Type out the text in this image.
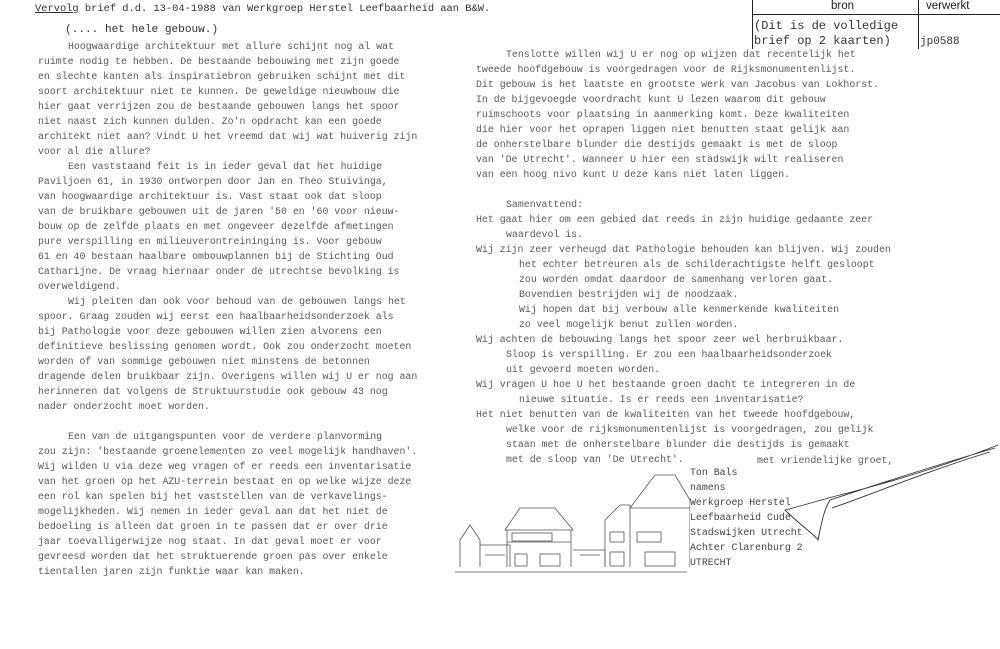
Vervolg brief d.d. 13-04-1988 van Werkgroep Herstel Leefbaarheid aan B&W.
(.... het hele gebouw.)
bron	verwerkt
(Dit is de volledige
brief op 2 kaarten)	jp0588
Hoogwaardige architektuur met allure schijnt nog al wat
ruimte nodig te hebben. De bestaande bebouwing met zijn goede
en slechte kanten als inspiratiebron gebruiken schijnt met dit
soort architektuur niet te kunnen. De geweldige nieuwbouw die
hier gaat verrijzen zou de bestaande gebouwen langs het spoor
niet naast zich kunnen dulden. Zo'n opdracht kan een goede
architekt niet aan? Vindt U het vreemd dat wij wat huiverig zijn
voor al die allure?
Een vaststaand feit is in ieder geval dat het huidige
Paviljoen 61, in 1930 ontworpen door Jan en Theo Stuivinga,
van hoogwaardige architektuur is. Vast staat ook dat sloop
van de bruikbare gebouwen uit de jaren '50 en '60 voor nieuw-
bouw op de zelfde plaats en met ongeveer dezelfde afmetingen
pure verspilling en milieuverontreininging is. Voor gebouw
61 en 40 bestaan haalbare ombouwplannen bij de Stichting Oud
Catharijne. De vraag hiernaar onder de utrechtse bevolking is
overweldigend.
Wij pleiten dan ook voor behoud van de gebouwen langs het
spoor. Graag zouden wij eerst een haalbaarheidsonderzoek als
bij Pathologie voor deze gebouwen willen zien alvorens een
definitieve beslissing genomen wordt. Ook zou onderzocht moeten
worden of van sommige gebouwen niet minstens de betonnen
dragende delen bruikbaar zijn. Overigens willen wij U er nog aan
herinneren dat volgens de Struktuurstudie ook gebouw 43 nog
nader onderzocht moet worden.
Een van de uitgangspunten voor de verdere planvorming
zou zijn: 'bestaande groenelementen zo veel mogelijk handhaven'.
Wij wilden U via deze weg vragen of er reeds een inventarisatie
van het groen op het AZU-terrein bestaat en op welke wijze deze
een rol kan spelen bij het vaststellen van de verkavelings-
mogelijkheden. Wij nemen in ieder geval aan dat het niet de
bedoeling is alleen dat groen in te passen dat er over drie
jaar toevalligerwijze nog staat. In dat geval moet er voor
gevreesd worden dat het struktuerende groen pas over enkele
tientallen jaren zijn funktie waar kan maken.
Tenslotte willen wij U er nog op wijzen dat recentelijk het
tweede hoofdgebouw is voorgedragen voor de Rijksmonumentenlijst.
Dit gebouw is het laatste en grootste werk van Jacobus van Lokhorst.
In de bijgevoegde voordracht kunt U lezen waarom dit gebouw
ruimschoots voor plaatsing in aanmerking komt. Deze kwaliteiten
die hier voor het oprapen liggen niet benutten staat gelijk aan
de onherstelbare blunder die destijds gemaakt is met de sloop
van 'De Utrecht'. Wanneer U hier een stadswijk wilt realiseren
van een hoog nivo kunt U deze kans niet laten liggen.
Samenvattend:
Het gaat hier om een gebied dat reeds in zijn huidige gedaante zeer
waardevol is.
Wij zijn zeer verheugd dat Pathologie behouden kan blijven. Wij zouden
het echter betreuren als de schilderachtigste helft gesloopt
zou worden omdat daardoor de samenhang verloren gaat.
Bovendien bestrijden wij de noodzaak.
Wij hopen dat bij verbouw alle kenmerkende kwaliteiten
zo veel mogelijk benut zullen worden.
Wij achten de bebouwing langs het spoor zeer wel herbruikbaar.
Sloop is verspilling. Er zou een haalbaarheidsonderzoek
uit gevoerd moeten worden.
Wij vragen U hoe U het bestaande groen dacht te integreren in de
nieuwe situatie. Is er reeds een inventarisatie?
Het niet benutten van de kwaliteiten van het tweede hoofdgebouw,
welke voor de rijksmonumentenlijst is voorgedragen, zou gelijk
staan met de onherstelbare blunder die destijds is gemaakt
met de sloop van 'De Utrecht'.	met vriendelijke groet,
Ton Bals
namens
Werkgroep Herstel
Leefbaarheid Cude
Stadswijken Utrecht
Achter Clarenburg 2
UTRECHT
